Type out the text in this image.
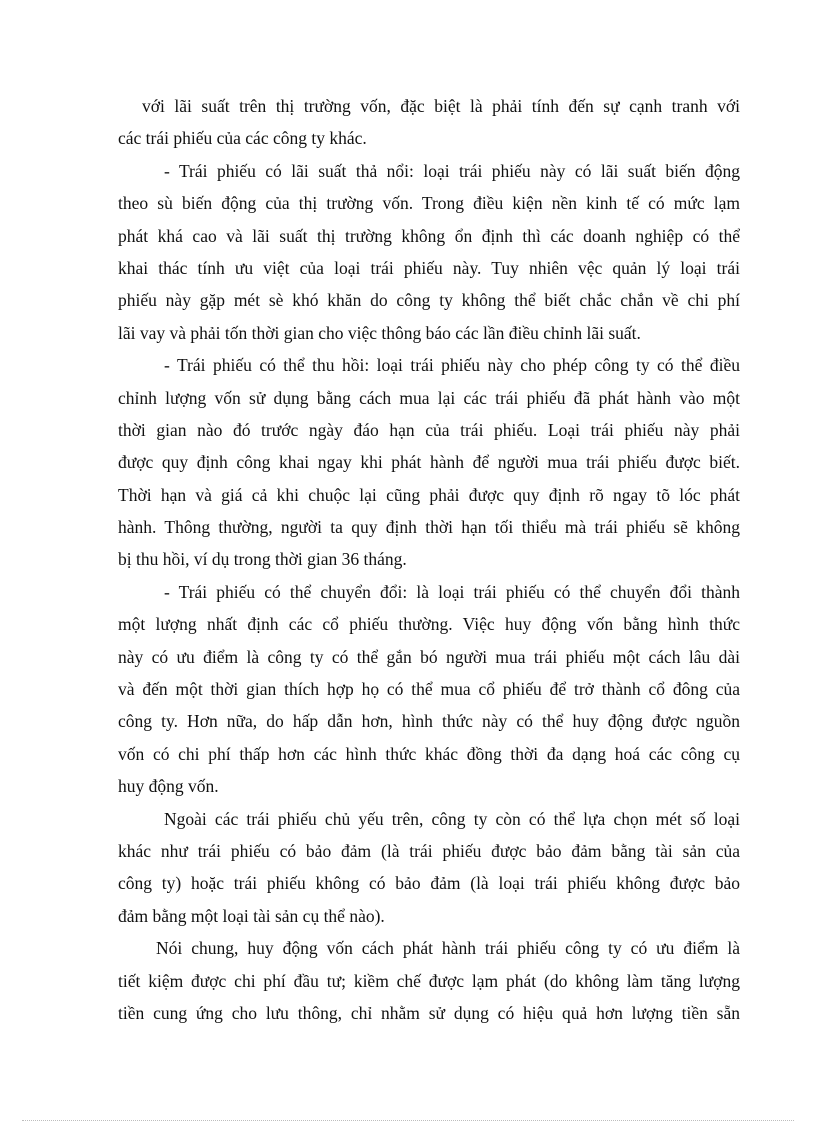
với lãi suất trên thị trường vốn, đặc biệt là phải tính đến sự cạnh tranh với
các trái phiếu của các công ty khác.
- Trái phiếu có lãi suất thả nổi: loại trái phiếu này có lãi suất biến động
theo sù biến động của thị trường vốn. Trong điều kiện nền kinh tế có mức lạm
phát khá cao và lãi suất thị trường không ổn định thì các doanh nghiệp có thể
khai thác tính ưu việt của loại trái phiếu này. Tuy nhiên vệc quản lý loại trái
phiếu này gặp mét sè khó khăn do công ty không thể biết chắc chắn về chi phí
lãi vay và phải tốn thời gian cho việc thông báo các lần điều chỉnh lãi suất.
- Trái phiếu có thể thu hồi: loại trái phiếu này cho phép công ty có thể điều
chỉnh lượng vốn sử dụng bằng cách mua lại các trái phiếu đã phát hành vào một
thời gian nào đó trước ngày đáo hạn của trái phiếu. Loại trái phiếu này phải
được quy định công khai ngay khi phát hành để người mua trái phiếu được biết.
Thời hạn và giá cả khi chuộc lại cũng phải được quy định rõ ngay tõ lóc phát
hành. Thông thường, người ta quy định thời hạn tối thiểu mà trái phiếu sẽ không
bị thu hồi, ví dụ trong thời gian 36 tháng.
- Trái phiếu có thể chuyển đổi: là loại trái phiếu có thể chuyển đổi thành
một lượng nhất định các cổ phiếu thường. Việc huy động vốn bằng hình thức
này có ưu điểm là công ty có thể gắn bó người mua trái phiếu một cách lâu dài
và đến một thời gian thích hợp họ có thể mua cổ phiếu để trở thành cổ đông của
công ty. Hơn nữa, do hấp dẫn hơn, hình thức này có thể huy động được nguồn
vốn có chi phí thấp hơn các hình thức khác đồng thời đa dạng hoá các công cụ
huy động vốn.
Ngoài các trái phiếu chủ yếu trên, công ty còn có thể lựa chọn mét số loại
khác như trái phiếu có bảo đảm (là trái phiếu được bảo đảm bằng tài sản của
công ty) hoặc trái phiếu không có bảo đảm (là loại trái phiếu không được bảo
đảm bằng một loại tài sản cụ thể nào).
Nói chung, huy động vốn cách phát hành trái phiếu công ty có ưu điểm là
tiết kiệm được chi phí đầu tư; kiềm chế được lạm phát (do không làm tăng lượng
tiền cung ứng cho lưu thông, chỉ nhằm sử dụng có hiệu quả hơn lượng tiền sẵn
